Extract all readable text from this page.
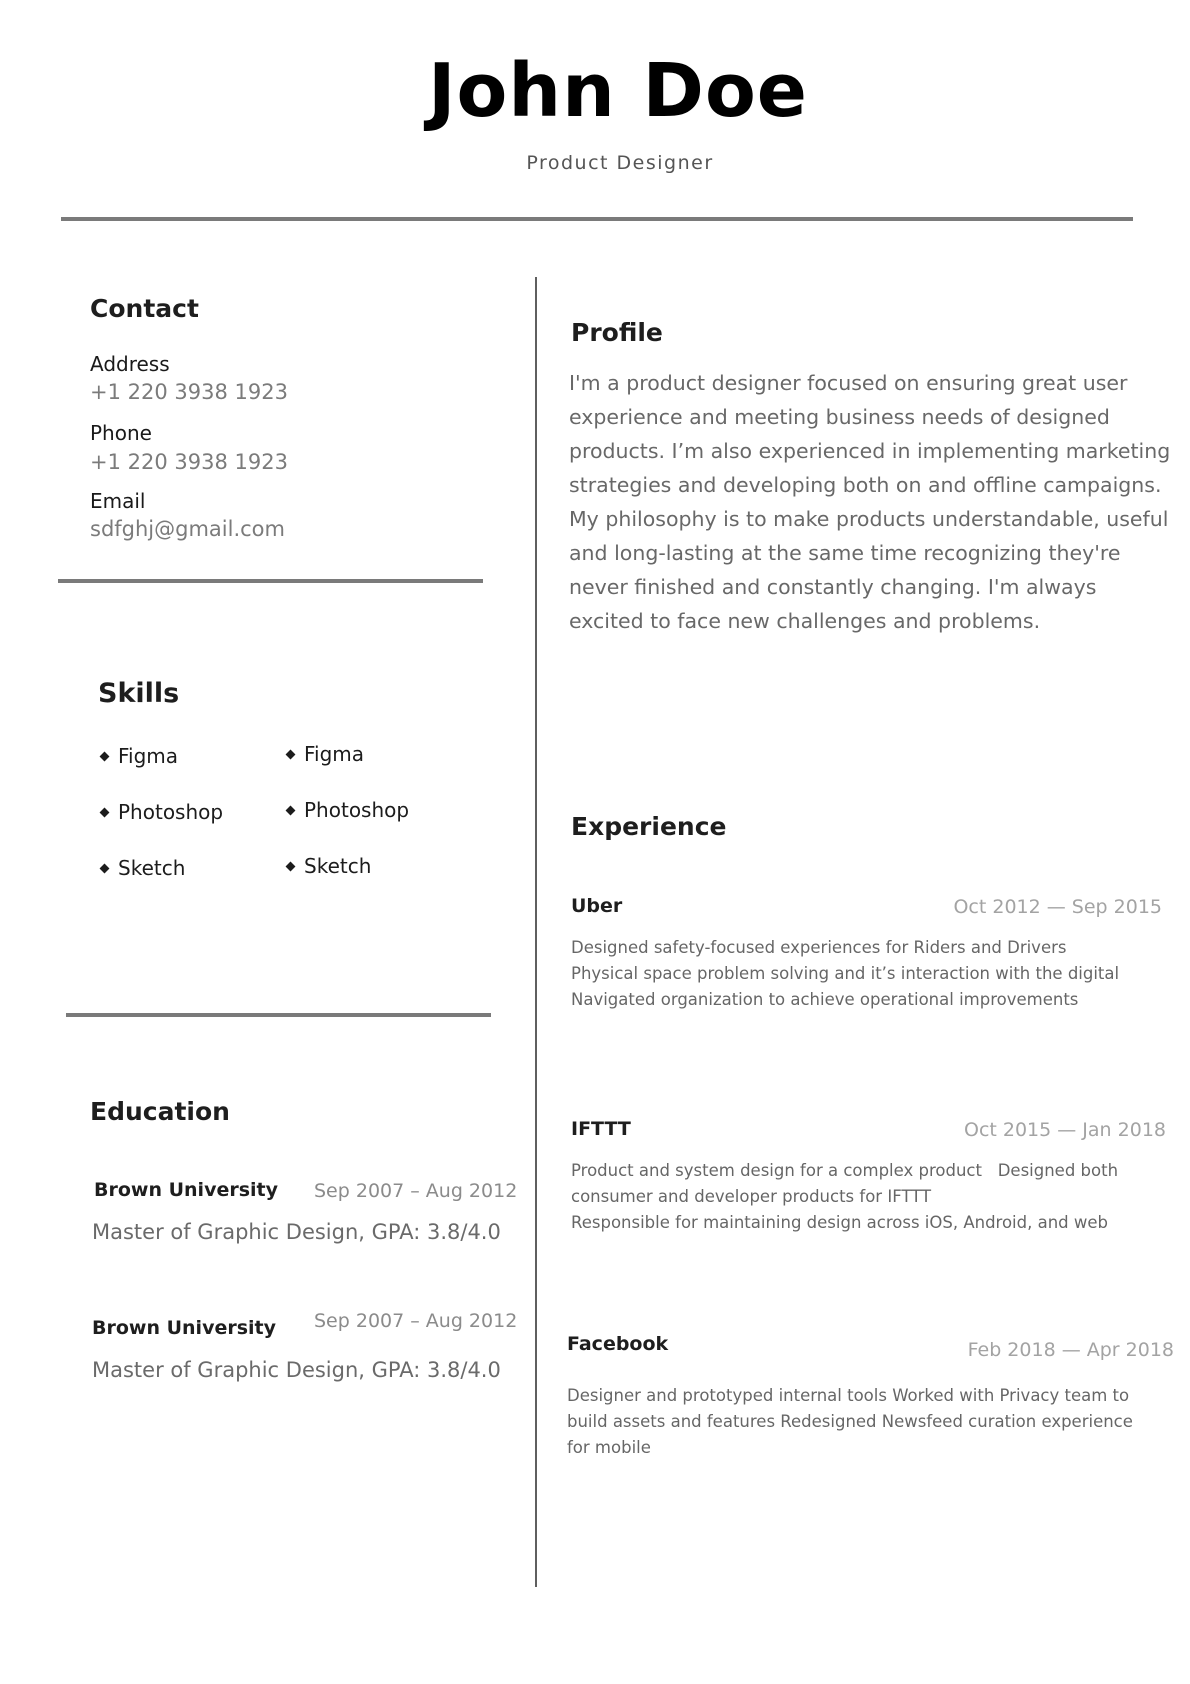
John Doe
Product Designer
Contact
Address
+1 220 3938 1923
Phone
+1 220 3938 1923
Email
sdfghj@gmail.com
Skills
Figma
Photoshop
Sketch
Figma
Photoshop
Sketch
Education
Brown University Sep 2007 – Aug 2012
Master of Graphic Design, GPA: 3.8/4.0
Brown University Sep 2007 – Aug 2012
Master of Graphic Design, GPA: 3.8/4.0
Profile
I'm a product designer focused on ensuring great user experience and meeting business needs of designed products. I’m also experienced in implementing marketing strategies and developing both on and offline campaigns. My philosophy is to make products understandable, useful and long-lasting at the same time recognizing they're never finished and constantly changing. I'm always excited to face new challenges and problems.
Experience
Uber	Oct 2012 — Sep 2015
Designed safety-focused experiences for Riders and Drivers
Physical space problem solving and it’s interaction with the digital
Navigated organization to achieve operational improvements
IFTTT	Oct 2015 — Jan 2018
Product and system design for a complex product   Designed both
consumer and developer products for IFTTT
Responsible for maintaining design across iOS, Android, and web
Facebook	Feb 2018 — Apr 2018
Designer and prototyped internal tools Worked with Privacy team to
build assets and features Redesigned Newsfeed curation experience
for mobile
